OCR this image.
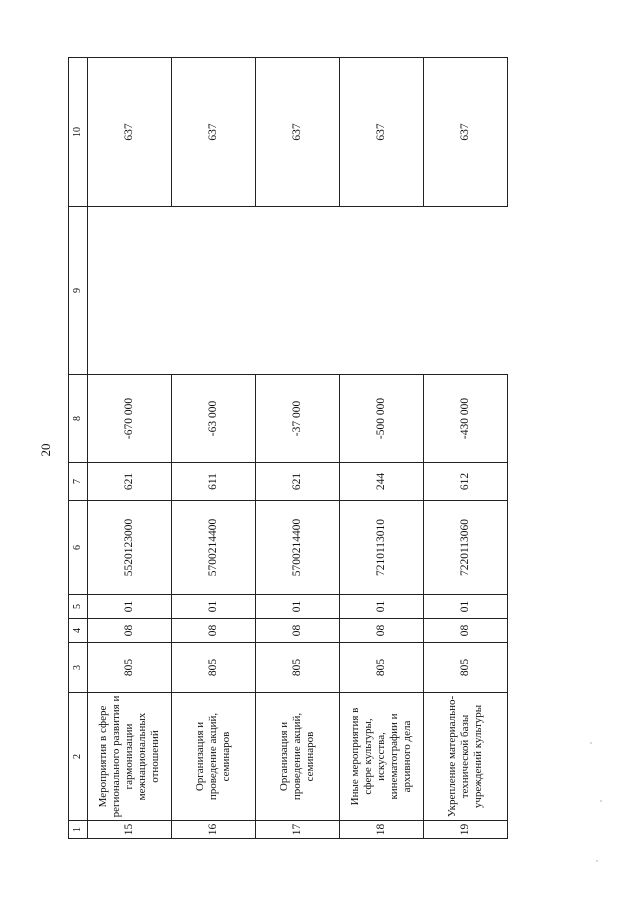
20
1	2	3	4	5	6	7	8	9	10
15	Мероприятия в сфере регионального развития и гармонизации межнациональных отношений	805	08	01	5520123000	621	-670 000		637
16	Организация и проведение акций, семинаров	805	08	01	5700214400	611	-63 000		637
17	Организация и проведение акций, семинаров	805	08	01	5700214400	621	-37 000		637
18	Иные мероприятия в сфере культуры, искусства, кинематографии и архивного дела	805	08	01	7210113010	244	-500 000		637
19	Укрепление материально-технической базы учреждений культуры	805	08	01	7220113060	612	-430 000		637
